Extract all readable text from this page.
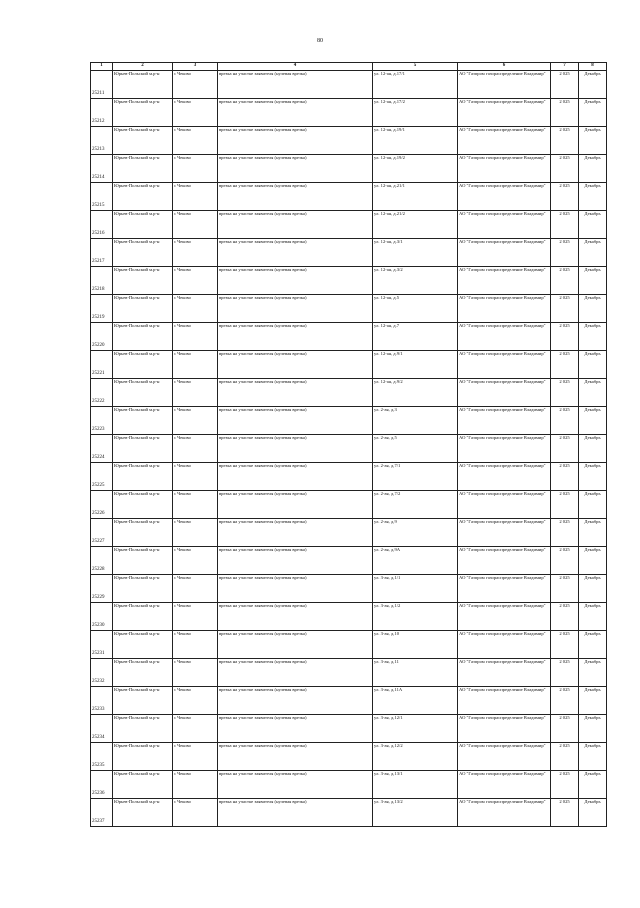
80
1	2	3	4	5	6	7	8
25211	Юрьев-Польский м.р-н	с Чеково	врезка на участке заявителя (нулевая врезка)	ул. 12-ая, д.17/1	АО "Газпром газораспределение Владимир"	2 025	Декабрь
25212	Юрьев-Польский м.р-н	с Чеково	врезка на участке заявителя (нулевая врезка)	ул. 12-ая, д.17/2	АО "Газпром газораспределение Владимир"	2 025	Декабрь
25213	Юрьев-Польский м.р-н	с Чеково	врезка на участке заявителя (нулевая врезка)	ул. 12-ая, д.19/1	АО "Газпром газораспределение Владимир"	2 025	Декабрь
25214	Юрьев-Польский м.р-н	с Чеково	врезка на участке заявителя (нулевая врезка)	ул. 12-ая, д.19/2	АО "Газпром газораспределение Владимир"	2 025	Декабрь
25215	Юрьев-Польский м.р-н	с Чеково	врезка на участке заявителя (нулевая врезка)	ул. 12-ая, д.21/1	АО "Газпром газораспределение Владимир"	2 025	Декабрь
25216	Юрьев-Польский м.р-н	с Чеково	врезка на участке заявителя (нулевая врезка)	ул. 12-ая, д.21/2	АО "Газпром газораспределение Владимир"	2 025	Декабрь
25217	Юрьев-Польский м.р-н	с Чеково	врезка на участке заявителя (нулевая врезка)	ул. 12-ая, д.3/1	АО "Газпром газораспределение Владимир"	2 025	Декабрь
25218	Юрьев-Польский м.р-н	с Чеково	врезка на участке заявителя (нулевая врезка)	ул. 12-ая, д.3/2	АО "Газпром газораспределение Владимир"	2 025	Декабрь
25219	Юрьев-Польский м.р-н	с Чеково	врезка на участке заявителя (нулевая врезка)	ул. 12-ая, д.5	АО "Газпром газораспределение Владимир"	2 025	Декабрь
25220	Юрьев-Польский м.р-н	с Чеково	врезка на участке заявителя (нулевая врезка)	ул. 12-ая, д.7	АО "Газпром газораспределение Владимир"	2 025	Декабрь
25221	Юрьев-Польский м.р-н	с Чеково	врезка на участке заявителя (нулевая врезка)	ул. 12-ая, д.9/1	АО "Газпром газораспределение Владимир"	2 025	Декабрь
25222	Юрьев-Польский м.р-н	с Чеково	врезка на участке заявителя (нулевая врезка)	ул. 12-ая, д.9/2	АО "Газпром газораспределение Владимир"	2 025	Декабрь
25223	Юрьев-Польский м.р-н	с Чеково	врезка на участке заявителя (нулевая врезка)	ул. 2-ая, д.3	АО "Газпром газораспределение Владимир"	2 025	Декабрь
25224	Юрьев-Польский м.р-н	с Чеково	врезка на участке заявителя (нулевая врезка)	ул. 2-ая, д.5	АО "Газпром газораспределение Владимир"	2 025	Декабрь
25225	Юрьев-Польский м.р-н	с Чеково	врезка на участке заявителя (нулевая врезка)	ул. 2-ая, д.7/1	АО "Газпром газораспределение Владимир"	2 025	Декабрь
25226	Юрьев-Польский м.р-н	с Чеково	врезка на участке заявителя (нулевая врезка)	ул. 2-ая, д.7/2	АО "Газпром газораспределение Владимир"	2 025	Декабрь
25227	Юрьев-Польский м.р-н	с Чеково	врезка на участке заявителя (нулевая врезка)	ул. 2-ая, д.9	АО "Газпром газораспределение Владимир"	2 025	Декабрь
25228	Юрьев-Польский м.р-н	с Чеково	врезка на участке заявителя (нулевая врезка)	ул. 2-ая, д.9А	АО "Газпром газораспределение Владимир"	2 025	Декабрь
25229	Юрьев-Польский м.р-н	с Чеково	врезка на участке заявителя (нулевая врезка)	ул. 3-ая, д.1/1	АО "Газпром газораспределение Владимир"	2 025	Декабрь
25230	Юрьев-Польский м.р-н	с Чеково	врезка на участке заявителя (нулевая врезка)	ул. 3-ая, д.1/2	АО "Газпром газораспределение Владимир"	2 025	Декабрь
25231	Юрьев-Польский м.р-н	с Чеково	врезка на участке заявителя (нулевая врезка)	ул. 3-ая, д.10	АО "Газпром газораспределение Владимир"	2 025	Декабрь
25232	Юрьев-Польский м.р-н	с Чеково	врезка на участке заявителя (нулевая врезка)	ул. 3-ая, д.11	АО "Газпром газораспределение Владимир"	2 025	Декабрь
25233	Юрьев-Польский м.р-н	с Чеково	врезка на участке заявителя (нулевая врезка)	ул. 3-ая, д.11А	АО "Газпром газораспределение Владимир"	2 025	Декабрь
25234	Юрьев-Польский м.р-н	с Чеково	врезка на участке заявителя (нулевая врезка)	ул. 3-ая, д.12/1	АО "Газпром газораспределение Владимир"	2 025	Декабрь
25235	Юрьев-Польский м.р-н	с Чеково	врезка на участке заявителя (нулевая врезка)	ул. 3-ая, д.12/2	АО "Газпром газораспределение Владимир"	2 025	Декабрь
25236	Юрьев-Польский м.р-н	с Чеково	врезка на участке заявителя (нулевая врезка)	ул. 3-ая, д.13/1	АО "Газпром газораспределение Владимир"	2 025	Декабрь
25237	Юрьев-Польский м.р-н	с Чеково	врезка на участке заявителя (нулевая врезка)	ул. 3-ая, д.13/2	АО "Газпром газораспределение Владимир"	2 025	Декабрь
